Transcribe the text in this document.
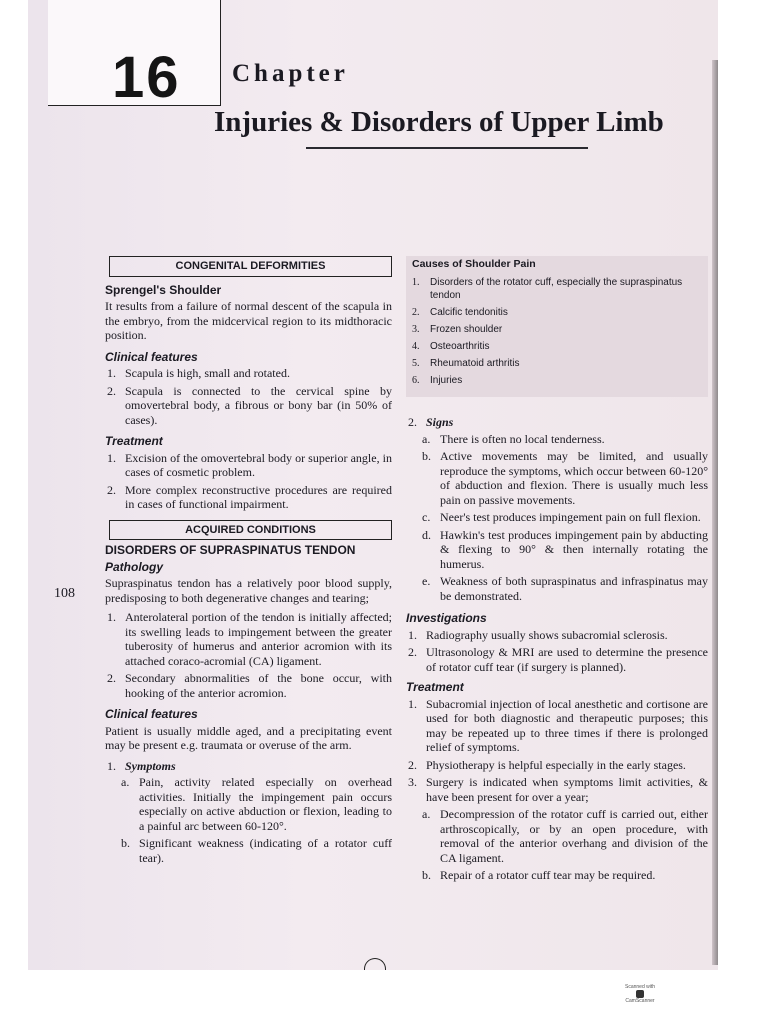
16 Chapter
Injuries & Disorders of Upper Limb
108
CONGENITAL DEFORMITIES
Sprengel's Shoulder

It results from a failure of normal descent of the scapula in the embryo, from the midcervical region to its midthoracic position.

Clinical features
1. Scapula is high, small and rotated.
2. Scapula is connected to the cervical spine by omovertebral body, a fibrous or bony bar (in 50% of cases).
Treatment
1. Excision of the omovertebral body or superior angle, in cases of cosmetic problem.
2. More complex reconstructive procedures are required in cases of functional impairment.
ACQUIRED CONDITIONS
DISORDERS OF SUPRASPINATUS TENDON
Pathology

Supraspinatus tendon has a relatively poor blood supply, predisposing to both degenerative changes and tearing;

1. Anterolateral portion of the tendon is initially affected; its swelling leads to impingement between the greater tuberosity of humerus and anterior acromion with its attached coraco-acromial (CA) ligament.
2. Secondary abnormalities of the bone occur, with hooking of the anterior acromion.
Clinical features

Patient is usually middle aged, and a precipitating event may be present e.g. traumata or overuse of the arm.

1. Symptoms
a. Pain, activity related especially on overhead activities. Initially the impingement pain occurs especially on active abduction or flexion, leading to a painful arc between 60-120°.
b. Significant weakness (indicating of a rotator cuff tear).
Causes of Shoulder Pain
1. Disorders of the rotator cuff, especially the supraspinatus tendon
2. Calcific tendonitis
3. Frozen shoulder
4. Osteoarthritis
5. Rheumatoid arthritis
6. Injuries
2. Signs
a. There is often no local tenderness.
b. Active movements may be limited, and usually reproduce the symptoms, which occur between 60-120° of abduction and flexion. There is usually much less pain on passive movements.
c. Neer's test produces impingement pain on full flexion.
d. Hawkin's test produces impingement pain by abducting & flexing to 90° & then internally rotating the humerus.
e. Weakness of both supraspinatus and infraspinatus may be demonstrated.
Investigations
1. Radiography usually shows subacromial sclerosis.
2. Ultrasonology & MRI are used to determine the presence of rotator cuff tear (if surgery is planned).
Treatment
1. Subacromial injection of local anesthetic and cortisone are used for both diagnostic and therapeutic purposes; this may be repeated up to three times if there is prolonged relief of symptoms.
2. Physiotherapy is helpful especially in the early stages.
3. Surgery is indicated when symptoms limit activities, & have been present for over a year;
a. Decompression of the rotator cuff is carried out, either arthroscopically, or by an open procedure, with removal of the anterior overhang and division of the CA ligament.
b. Repair of a rotator cuff tear may be required.
Scanned with
CamScanner
